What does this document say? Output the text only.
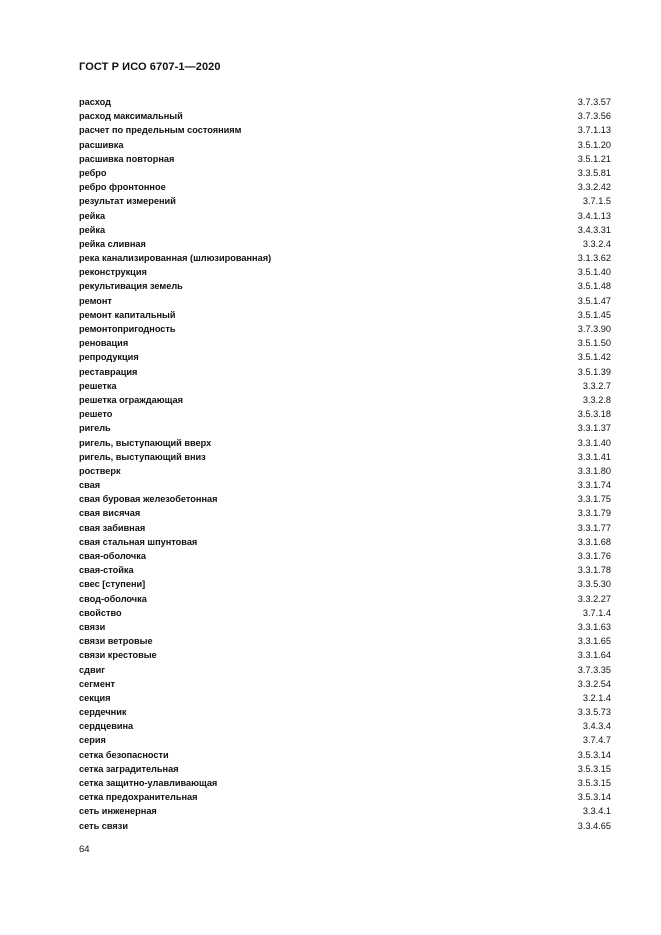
ГОСТ Р ИСО 6707-1—2020
расход	3.7.3.57
расход максимальный	3.7.3.56
расчет по предельным состояниям	3.7.1.13
расшивка	3.5.1.20
расшивка повторная	3.5.1.21
ребро	3.3.5.81
ребро фронтонное	3.3.2.42
результат измерений	3.7.1.5
рейка	3.4.1.13
рейка	3.4.3.31
рейка сливная	3.3.2.4
река канализированная (шлюзированная)	3.1.3.62
реконструкция	3.5.1.40
рекультивация земель	3.5.1.48
ремонт	3.5.1.47
ремонт капитальный	3.5.1.45
ремонтопригодность	3.7.3.90
реновация	3.5.1.50
репродукция	3.5.1.42
реставрация	3.5.1.39
решетка	3.3.2.7
решетка ограждающая	3.3.2.8
решето	3.5.3.18
ригель	3.3.1.37
ригель, выступающий вверх	3.3.1.40
ригель, выступающий вниз	3.3.1.41
ростверк	3.3.1.80
свая	3.3.1.74
свая буровая железобетонная	3.3.1.75
свая висячая	3.3.1.79
свая забивная	3.3.1.77
свая стальная шпунтовая	3.3.1.68
свая-оболочка	3.3.1.76
свая-стойка	3.3.1.78
свес [ступени]	3.3.5.30
свод-оболочка	3.3.2.27
свойство	3.7.1.4
связи	3.3.1.63
связи ветровые	3.3.1.65
связи крестовые	3.3.1.64
сдвиг	3.7.3.35
сегмент	3.3.2.54
секция	3.2.1.4
сердечник	3.3.5.73
сердцевина	3.4.3.4
серия	3.7.4.7
сетка безопасности	3.5.3.14
сетка заградительная	3.5.3.15
сетка защитно-улавливающая	3.5.3.15
сетка предохранительная	3.5.3.14
сеть инженерная	3.3.4.1
сеть связи	3.3.4.65
64
